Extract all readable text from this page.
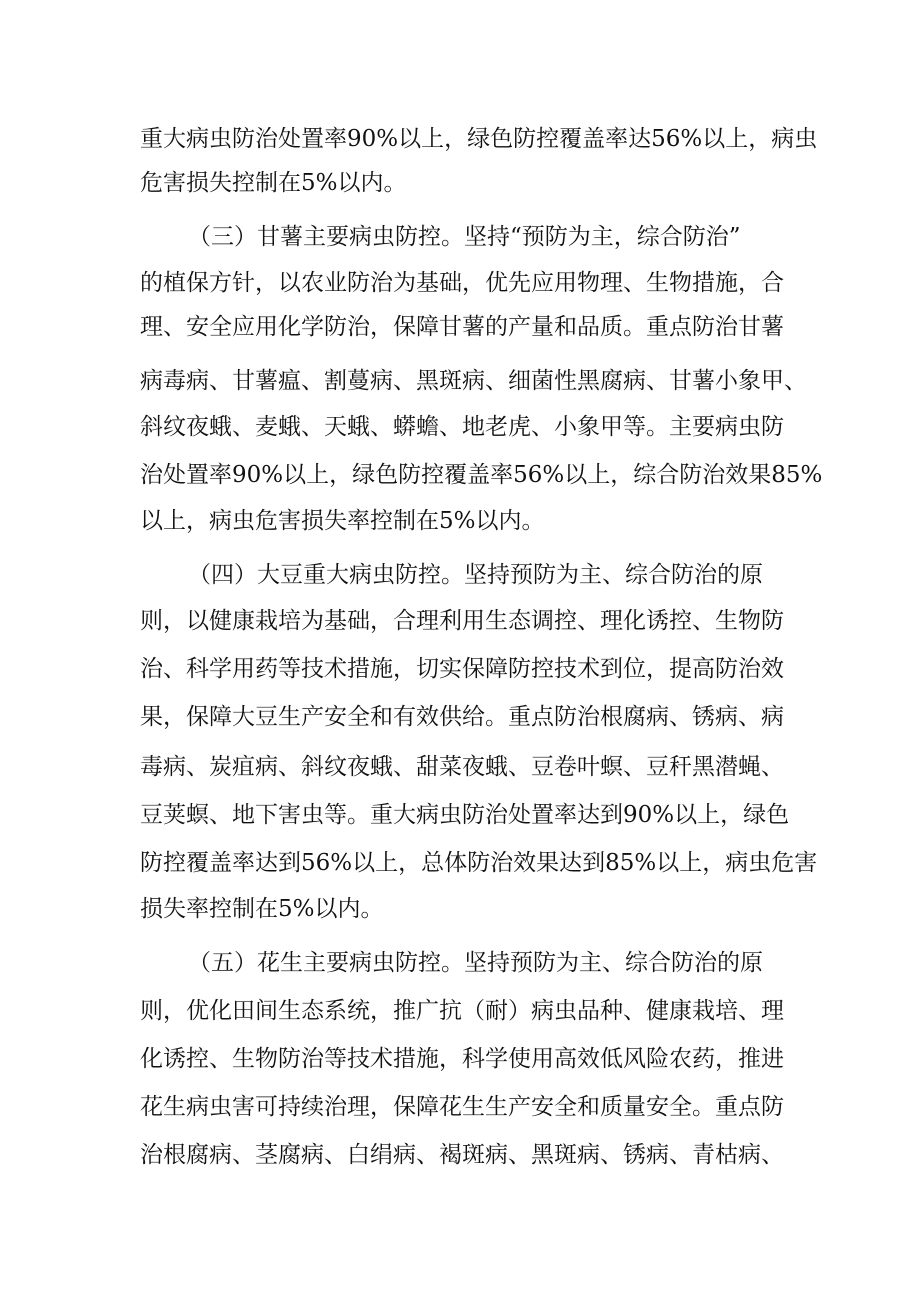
重大病虫防治处置率90%以上，绿色防控覆盖率达56%以上，病虫
危害损失控制在5%以内。
（三）甘薯主要病虫防控。坚持“预防为主，综合防治”
的植保方针，以农业防治为基础，优先应用物理、生物措施，合
理、安全应用化学防治，保障甘薯的产量和品质。重点防治甘薯
病毒病、甘薯瘟、割蔓病、黑斑病、细菌性黑腐病、甘薯小象甲、
斜纹夜蛾、麦蛾、天蛾、蟒蟾、地老虎、小象甲等。主要病虫防
治处置率90%以上，绿色防控覆盖率56%以上，综合防治效果85%
以上，病虫危害损失率控制在5%以内。
（四）大豆重大病虫防控。坚持预防为主、综合防治的原
则，以健康栽培为基础，合理利用生态调控、理化诱控、生物防
治、科学用药等技术措施，切实保障防控技术到位，提高防治效
果，保障大豆生产安全和有效供给。重点防治根腐病、锈病、病
毒病、炭疽病、斜纹夜蛾、甜菜夜蛾、豆卷叶螟、豆秆黑潜蝇、
豆荚螟、地下害虫等。重大病虫防治处置率达到90%以上，绿色
防控覆盖率达到56%以上，总体防治效果达到85%以上，病虫危害
损失率控制在5%以内。
（五）花生主要病虫防控。坚持预防为主、综合防治的原
则，优化田间生态系统，推广抗（耐）病虫品种、健康栽培、理
化诱控、生物防治等技术措施，科学使用高效低风险农药，推进
花生病虫害可持续治理，保障花生生产安全和质量安全。重点防
治根腐病、茎腐病、白绢病、褐斑病、黑斑病、锈病、青枯病、
